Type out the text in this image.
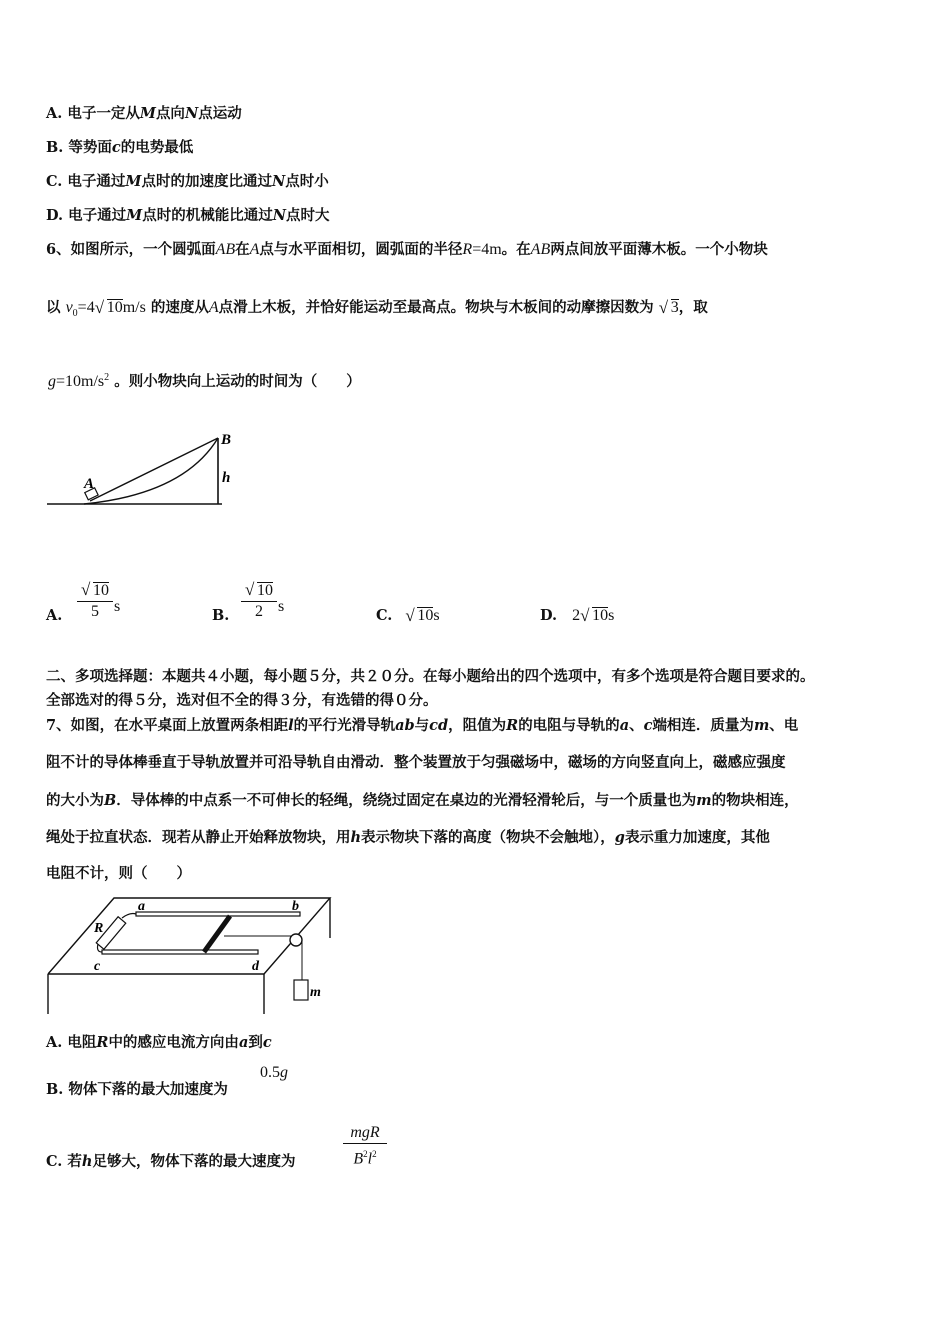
A. 电子一定从M点向N点运动
B. 等势面c的电势最低
C. 电子通过M点时的加速度比通过N点时小
D. 电子通过M点时的机械能比通过N点时大
6、如图所示，一个圆弧面AB在A点与水平面相切，圆弧面的半径R=4m。在AB两点间放平面薄木板。一个小物块
以 $v_0=4√$ 10m/s 的速度从A点滑上木板，并恰好能运动至最高点。物块与木板间的动摩擦因数为 √ 3，取
$g=10m/s^2$ 。则小物块向上运动的时间为（　　）
A
B
h
A.
√ 10
5 s
B.
√ 10
2 s
C. √ 10s	D. 2√ 10s
二、多项选择题：本题共４小题，每小题５分，共２０分。在每小题给出的四个选项中，有多个选项是符合题目要求的。
全部选对的得５分，选对但不全的得３分，有选错的得０分。
7、如图，在水平桌面上放置两条相距l的平行光滑导轨ab与cd，阻值为R的电阻与导轨的a、c端相连．质量为m、电
阻不计的导体棒垂直于导轨放置并可沿导轨自由滑动．整个装置放于匀强磁场中，磁场的方向竖直向上，磁感应强度
的大小为B．导体棒的中点系一不可伸长的轻绳，绕绕过固定在桌边的光滑轻滑轮后，与一个质量也为m的物块相连，
绳处于拉直状态．现若从静止开始释放物块，用h表示物块下落的高度（物块不会触地），g表示重力加速度，其他
电阻不计，则（　　）
a	b
c	d
R
m
A. 电阻R中的感应电流方向由a到c
B. 物体下落的最大加速度为
0.5g
C. 若h足够大，物体下落的最大速度为
mgR
$B^2l^2$
